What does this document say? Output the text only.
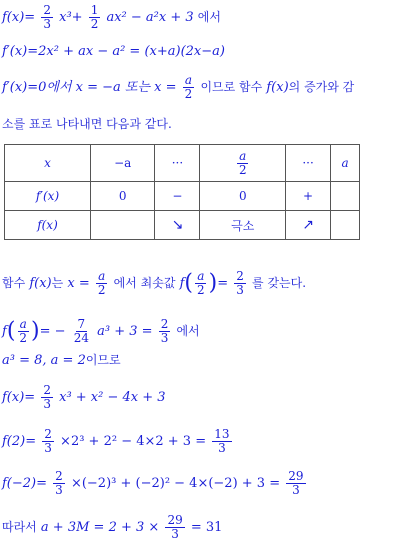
$f(x)= \frac{2}{3} x^3+ \frac{1}{2} ax^2 - a^2x + 3$ 에서
f′(x)=2x² + ax − a² = (x+a)(2x−a)
f′(x)=0에서 x = −a 또는 $x = \frac{a}{2}$ 이므로 함수 f(x)의 증가와 감
소를 표로 나타내면 다음과 같다.
x	−a	···	$\frac{a}{2}$	···	a
f′(x)	0	−	0	+	
f(x)		↘	극소	↗	
함수 f(x)는 $x = \frac{a}{2}$ 에서 최솟값 $f( \frac{a}{2}$ )= $\frac{2}{3}$ 를 갖는다.
$f( \frac{a}{2}$ )= − $\frac{7}{24} a^3 + 3 = \frac{2}{3}$ 에서
a³ = 8, a = 2이므로
$f(x)= \frac{2}{3} x^3 + x^2 - 4x + 3$
$f(2)= \frac{2}{3} \times 2^3 + 2^2 - 4\times 2 + 3 = \frac{13}{3}$
$f(-2)= \frac{2}{3} \times(-2)^3 + (-2)^2 - 4\times(-2) + 3 = \frac{29}{3}$
따라서 $a + 3M = 2 + 3 \times \frac{29}{3} = 31$
